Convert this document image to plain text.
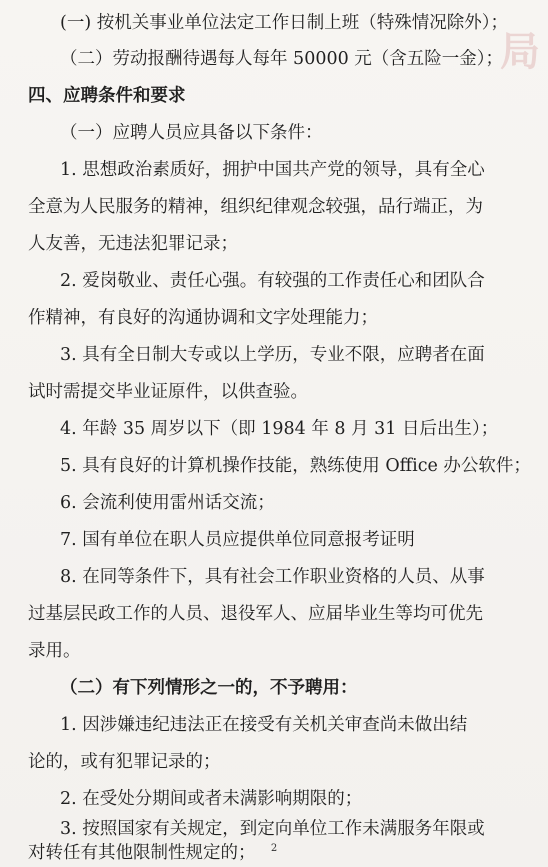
局
(一) 按机关事业单位法定工作日制上班（特殊情况除外）；
（二）劳动报酬待遇每人每年 50000 元（含五险一金）；
四、应聘条件和要求
（一）应聘人员应具备以下条件：
1. 思想政治素质好，拥护中国共产党的领导，具有全心
全意为人民服务的精神，组织纪律观念较强，品行端正，为
人友善，无违法犯罪记录；
2. 爱岗敬业、责任心强。有较强的工作责任心和团队合
作精神，有良好的沟通协调和文字处理能力；
3. 具有全日制大专或以上学历，专业不限，应聘者在面
试时需提交毕业证原件，以供查验。
4. 年龄 35 周岁以下（即 1984 年 8 月 31 日后出生）；
5. 具有良好的计算机操作技能，熟练使用 Office 办公软件；
6. 会流利使用雷州话交流；
7. 国有单位在职人员应提供单位同意报考证明
8. 在同等条件下，具有社会工作职业资格的人员、从事
过基层民政工作的人员、退役军人、应届毕业生等均可优先
录用。
（二）有下列情形之一的，不予聘用：
1. 因涉嫌违纪违法正在接受有关机关审查尚未做出结
论的，或有犯罪记录的；
2. 在受处分期间或者未满影响期限的；
3. 按照国家有关规定，到定向单位工作未满服务年限或
对转任有其他限制性规定的；	2
